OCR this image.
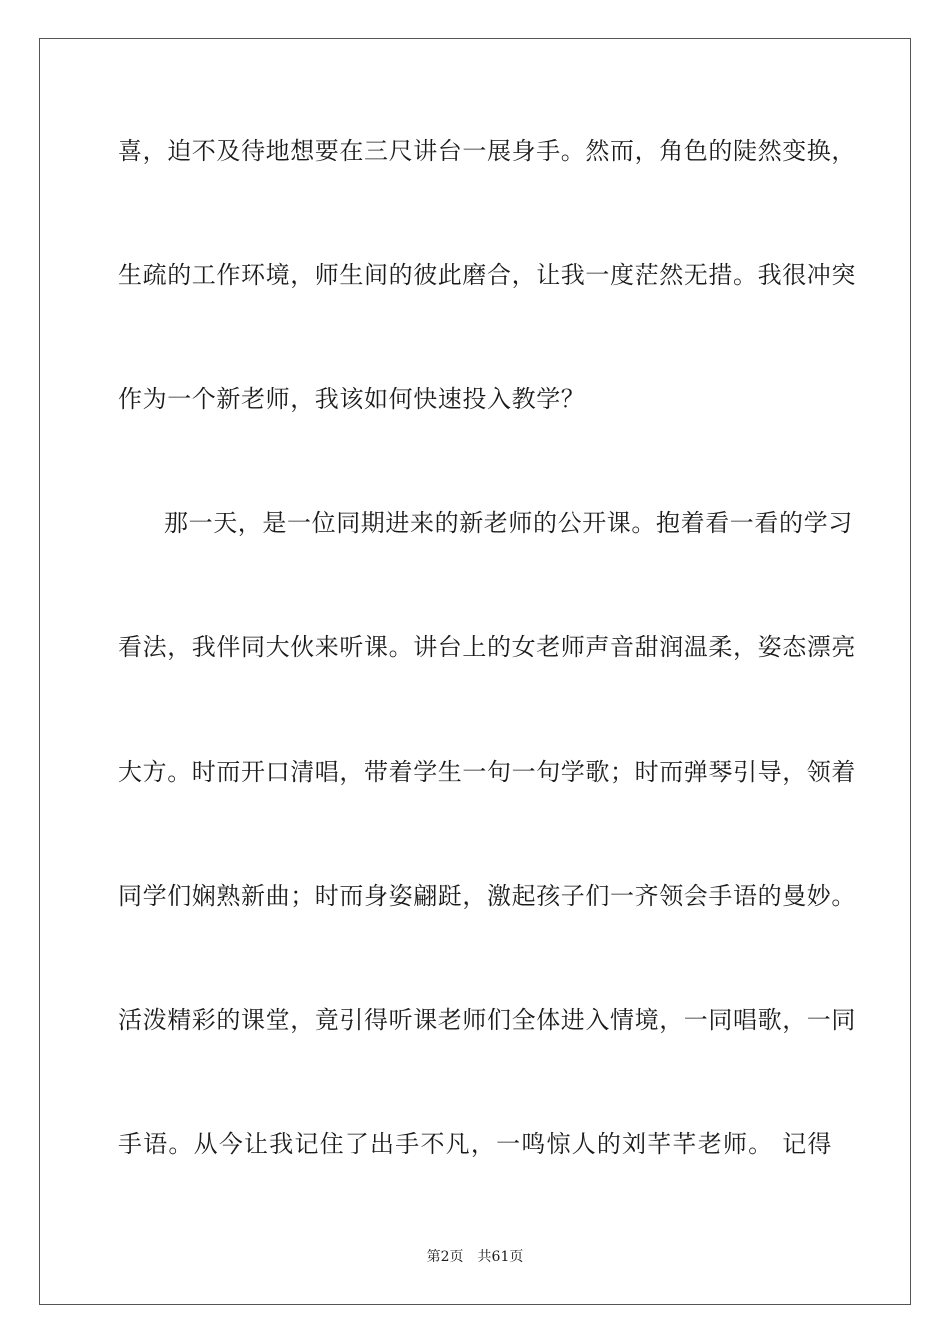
喜，迫不及待地想要在三尺讲台一展身手。然而，角色的陡然变换，
生疏的工作环境，师生间的彼此磨合，让我一度茫然无措。我很冲突
作为一个新老师，我该如何快速投入教学？
那一天，是一位同期进来的新老师的公开课。抱着看一看的学习
看法，我伴同大伙来听课。讲台上的女老师声音甜润温柔，姿态漂亮
大方。时而开口清唱，带着学生一句一句学歌；时而弹琴引导，领着
同学们娴熟新曲；时而身姿翩跹，激起孩子们一齐领会手语的曼妙。
活泼精彩的课堂，竟引得听课老师们全体进入情境，一同唱歌，一同
手语。从今让我记住了出手不凡，一鸣惊人的刘芊芊老师。 记得
第2页 共61页
